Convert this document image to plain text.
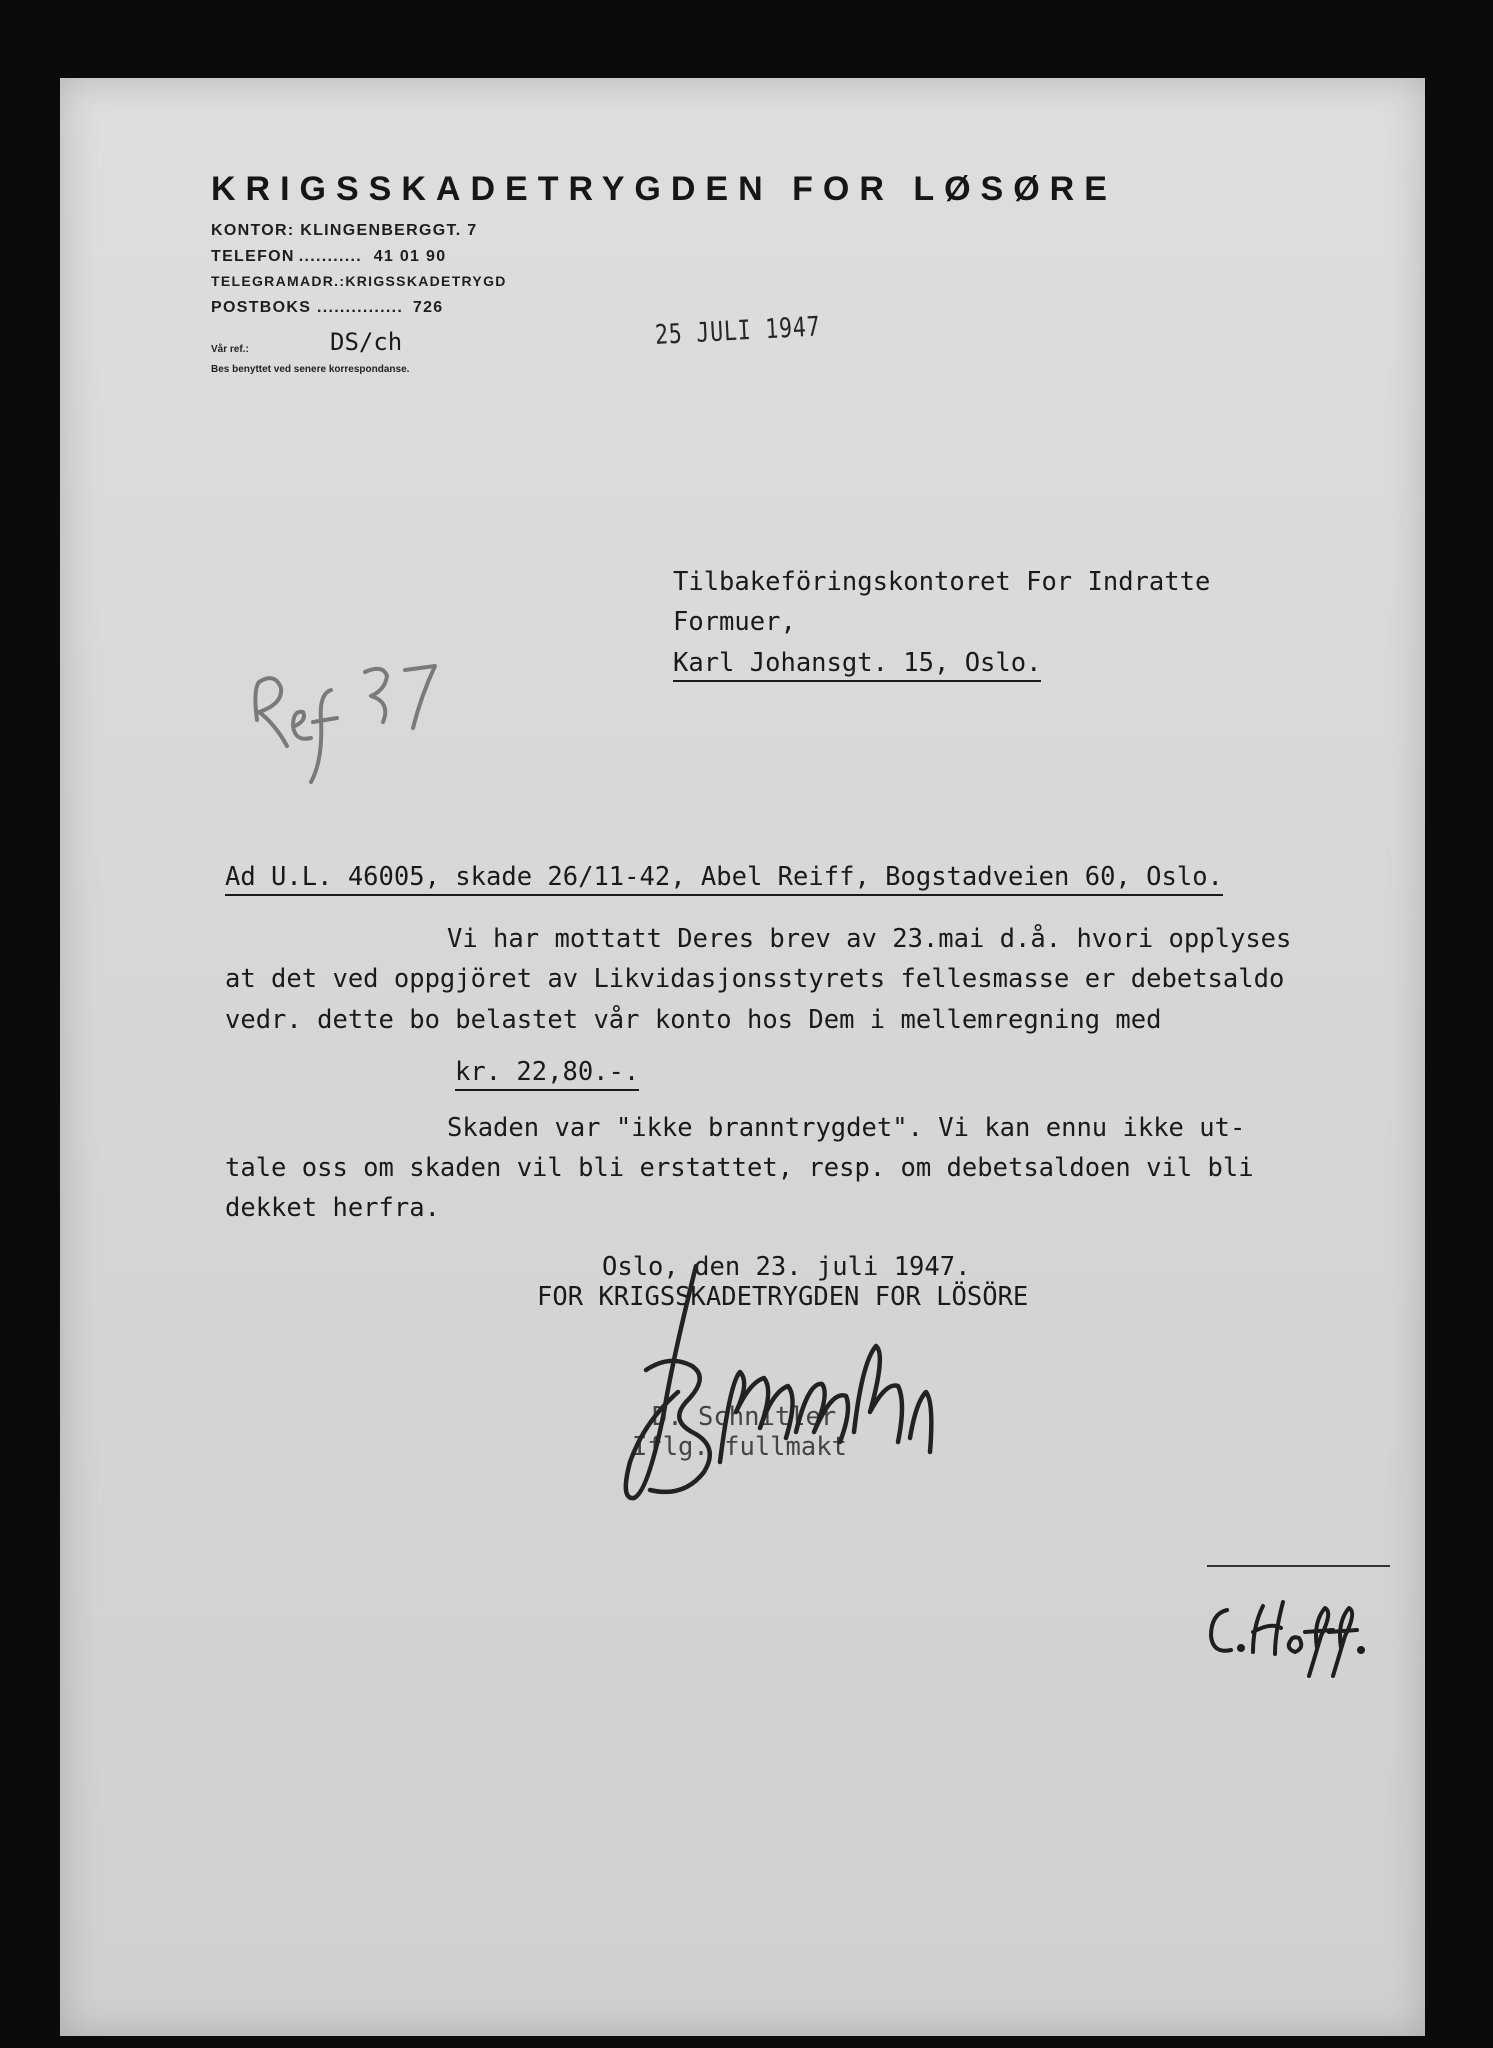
KRIGSSKADETRYGDEN FOR LØSØRE
KONTOR: KLINGENBERGGT. 7
TELEFON ........... 41 01 90
TELEGRAMADR.:KRIGSSKADETRYGD
POSTBOKS ............... 726
Vår ref.:	DS/ch
Bes benyttet ved senere korrespondanse.
25 JULI 1947
Tilbakeföringskontoret For Indratte
Formuer,
Karl Johansgt. 15, Oslo.
Ad U.L. 46005, skade 26/11-42, Abel Reiff, Bogstadveien 60, Oslo.
Vi har mottatt Deres brev av 23.mai d.å. hvori opplyses
at det ved oppgjöret av Likvidasjonsstyrets fellesmasse er debetsaldo
vedr. dette bo belastet vår konto hos Dem i mellemregning med
kr. 22,80.-.
Skaden var "ikke branntrygdet". Vi kan ennu ikke ut-
tale oss om skaden vil bli erstattet, resp. om debetsaldoen vil bli
dekket herfra.
Oslo, den 23. juli 1947.
FOR KRIGSSKADETRYGDEN FOR LÖSÖRE
D. Schnitler
Iflg. fullmakt
